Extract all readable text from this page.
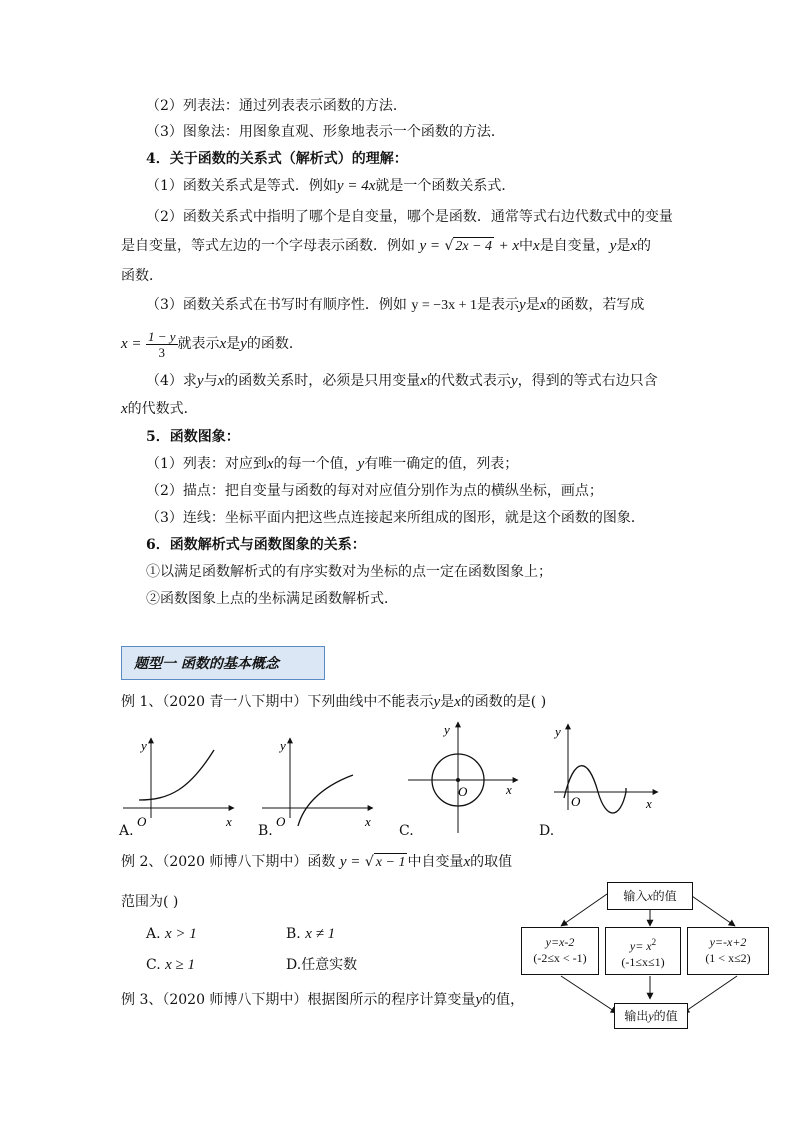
（2）列表法：通过列表表示函数的方法．
（3）图象法：用图象直观、形象地表示一个函数的方法．
4．关于函数的关系式（解析式）的理解：
（1）函数关系式是等式．例如y = 4x就是一个函数关系式．
（2）函数关系式中指明了哪个是自变量，哪个是函数．通常等式右边代数式中的变量
是自变量，等式左边的一个字母表示函数．例如 y = √ 2x − 4 + x中x是自变量，y是x的
函数．
（3）函数关系式在书写时有顺序性．例如 y = −3x + 1是表示y是x的函数，若写成
$x = \frac{1 - y}{3}$ 就表示x是y的函数．
（4）求y与x的函数关系时，必须是只用变量x的代数式表示y，得到的等式右边只含
x的代数式．
5．函数图象：
（1）列表：对应到x的每一个值，y有唯一确定的值，列表；
（2）描点：把自变量与函数的每对对应值分别作为点的横纵坐标，画点；
（3）连线：坐标平面内把这些点连接起来所组成的图形，就是这个函数的图象．
6．函数解析式与函数图象的关系：
①以满足函数解析式的有序实数对为坐标的点一定在函数图象上；
②函数图象上点的坐标满足函数解析式．
题型一 函数的基本概念
例 1、（2020 青一八下期中）下列曲线中不能表示y是x的函数的是( )
y
x
O
A.
y
x
O
B.
y
x
O
C.
y
x
O
D.
例 2、（2020 师博八下期中）函数 y = √ x − 1 中自变量x的取值
范围为( )
A. x > 1	B. x ≠ 1
C. x ≥ 1	D.任意实数
例 3、（2020 师博八下期中）根据图所示的程序计算变量y的值，
输入x的值
y=x-2
(-2≤x < -1)
$y= x^2$
(-1≤x≤1)
y=-x+2
(1 < x≤2)
输出y的值
